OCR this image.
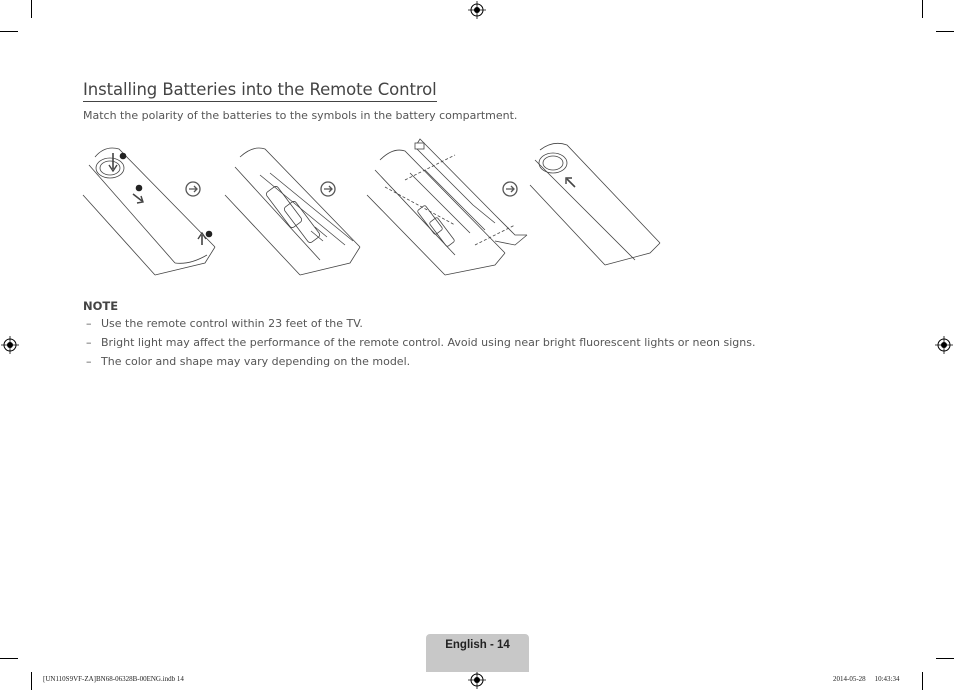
Installing Batteries into the Remote Control
Match the polarity of the batteries to the symbols in the battery compartment.
NOTE
– Use the remote control within 23 feet of the TV.
– Bright light may affect the performance of the remote control. Avoid using near bright fluorescent lights or neon signs.
– The color and shape may vary depending on the model.
English - 14
[UN110S9VF-ZA]BN68-06328B-00ENG.indb 14	2014-05-28   10:43:34
